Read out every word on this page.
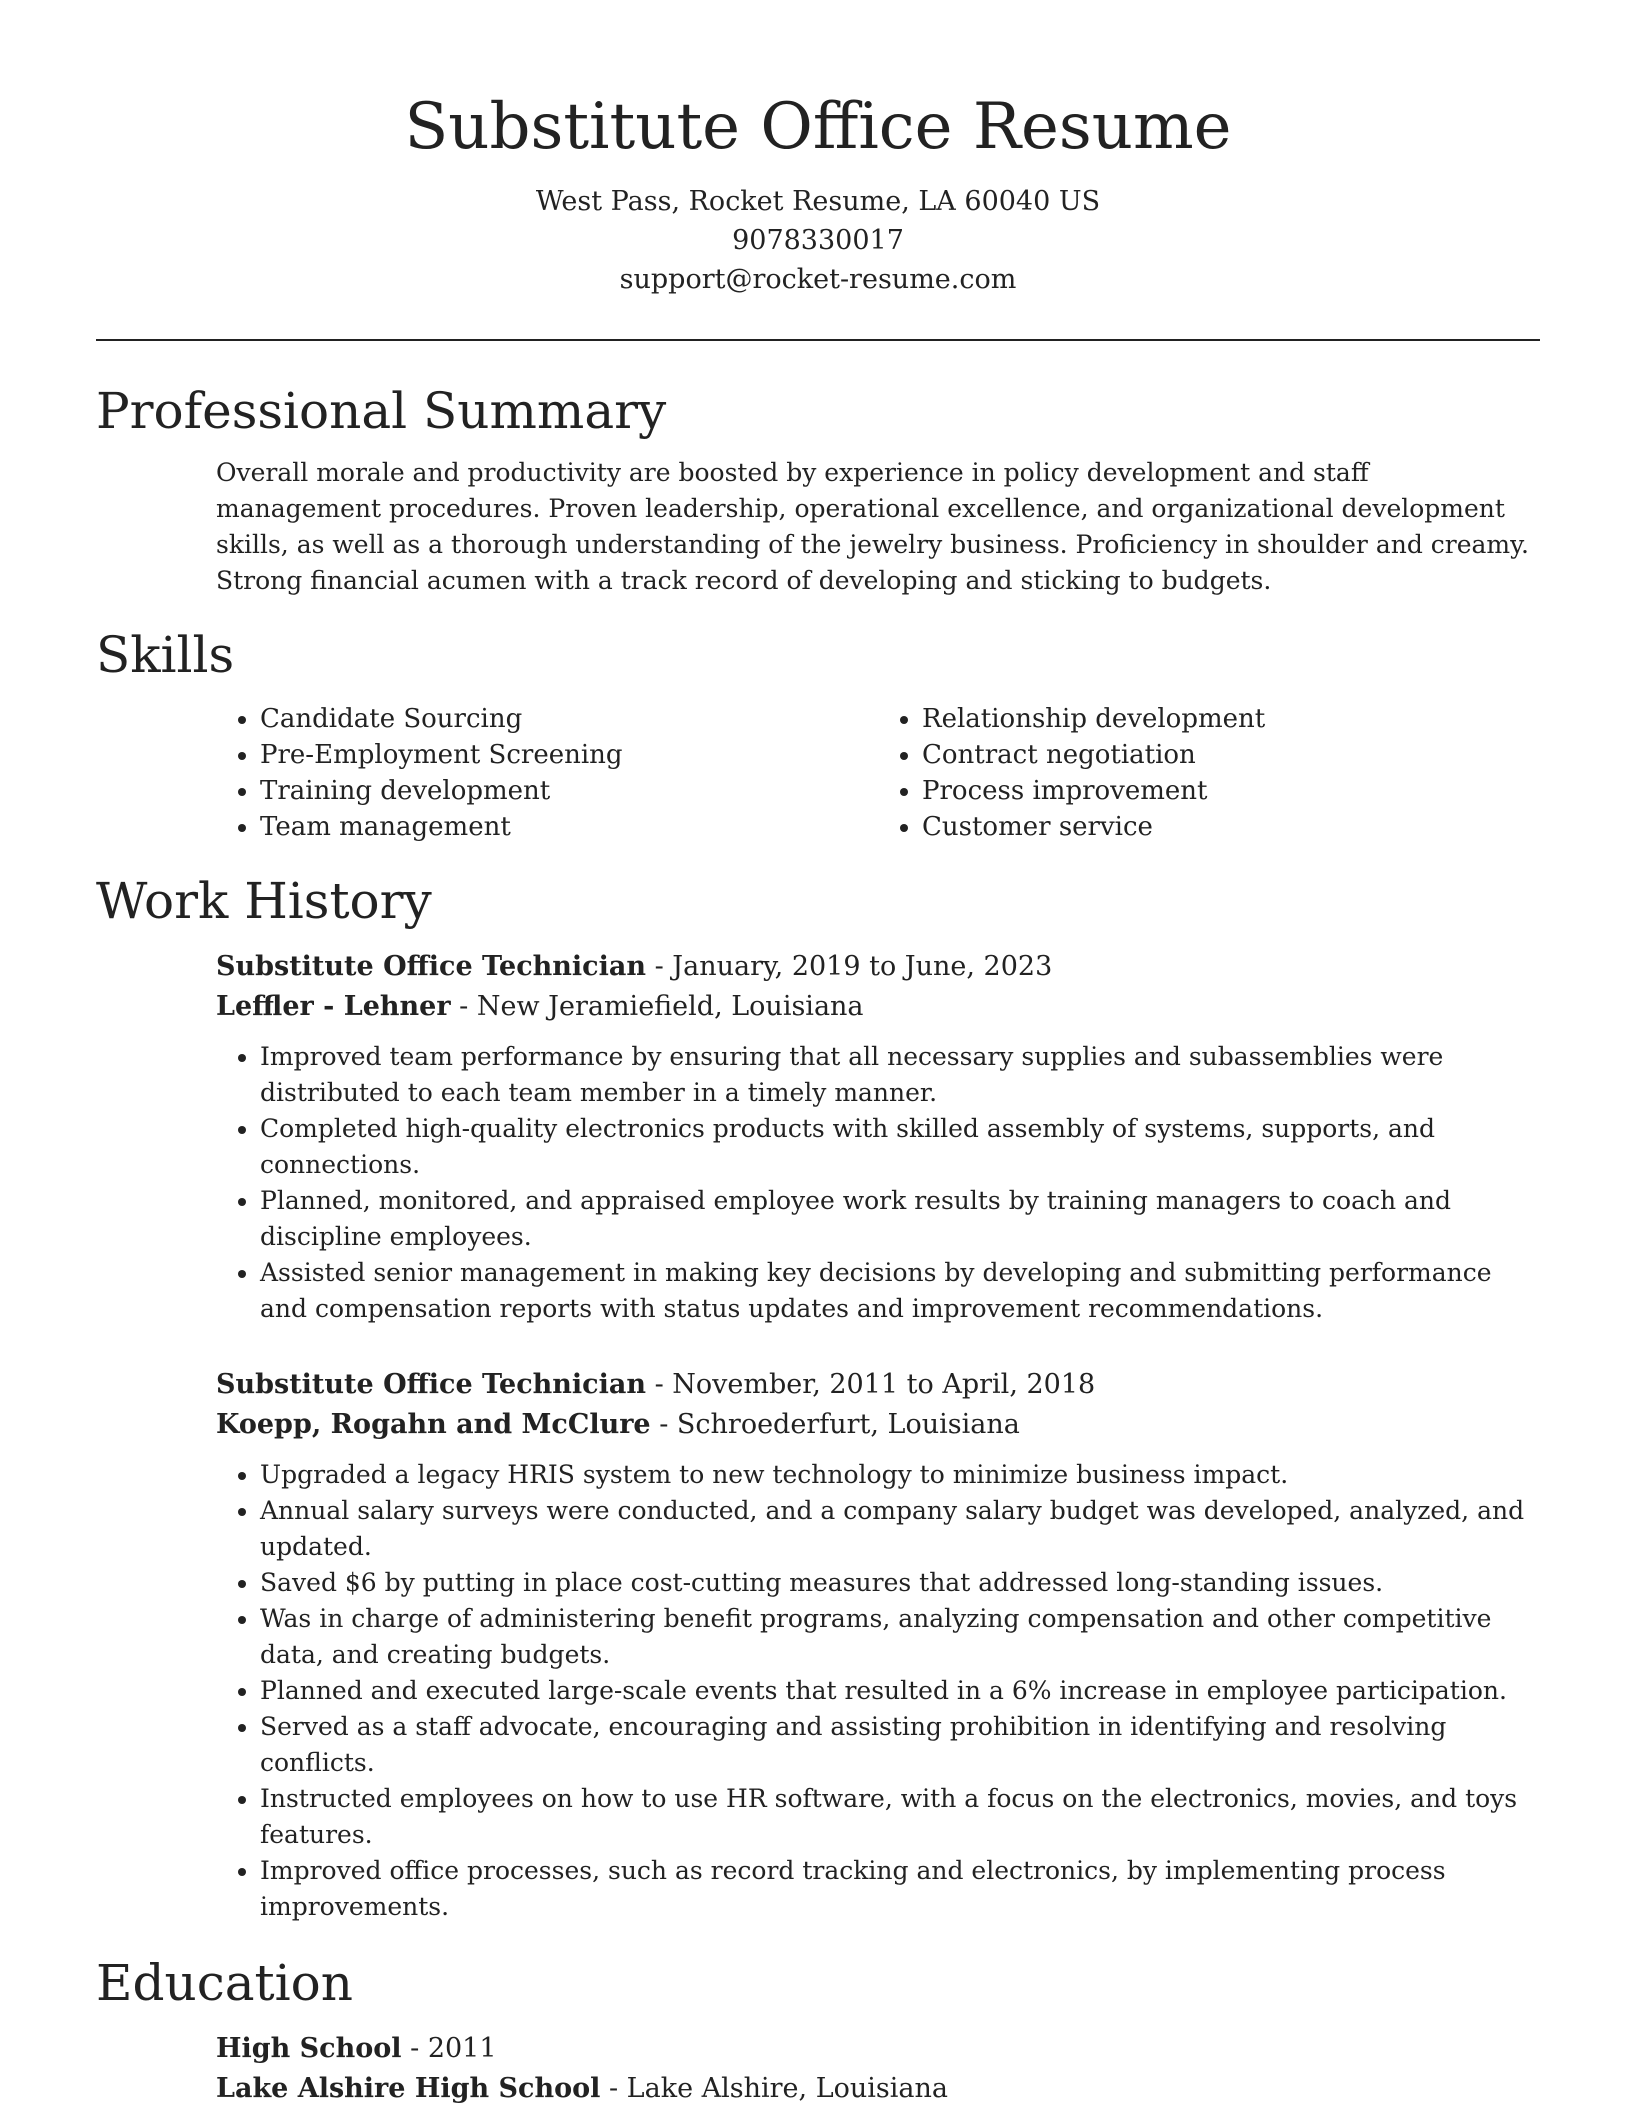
Substitute Office Resume
West Pass, Rocket Resume, LA 60040 US
9078330017
support@rocket-resume.com
Professional Summary
Overall morale and productivity are boosted by experience in policy development and staff management procedures. Proven leadership, operational excellence, and organizational development skills, as well as a thorough understanding of the jewelry business. Proficiency in shoulder and creamy. Strong financial acumen with a track record of developing and sticking to budgets.
Skills
• Candidate Sourcing
• Pre-Employment Screening
• Training development
• Team management
• Relationship development
• Contract negotiation
• Process improvement
• Customer service
Work History
Substitute Office Technician - January, 2019 to June, 2023
Leffler - Lehner - New Jeramiefield, Louisiana
• Improved team performance by ensuring that all necessary supplies and subassemblies were distributed to each team member in a timely manner.
• Completed high-quality electronics products with skilled assembly of systems, supports, and connections.
• Planned, monitored, and appraised employee work results by training managers to coach and discipline employees.
• Assisted senior management in making key decisions by developing and submitting performance and compensation reports with status updates and improvement recommendations.
Substitute Office Technician - November, 2011 to April, 2018
Koepp, Rogahn and McClure - Schroederfurt, Louisiana
• Upgraded a legacy HRIS system to new technology to minimize business impact.
• Annual salary surveys were conducted, and a company salary budget was developed, analyzed, and updated.
• Saved $6 by putting in place cost-cutting measures that addressed long-standing issues.
• Was in charge of administering benefit programs, analyzing compensation and other competitive data, and creating budgets.
• Planned and executed large-scale events that resulted in a 6% increase in employee participation.
• Served as a staff advocate, encouraging and assisting prohibition in identifying and resolving conflicts.
• Instructed employees on how to use HR software, with a focus on the electronics, movies, and toys features.
• Improved office processes, such as record tracking and electronics, by implementing process improvements.
Education
High School - 2011
Lake Alshire High School - Lake Alshire, Louisiana
